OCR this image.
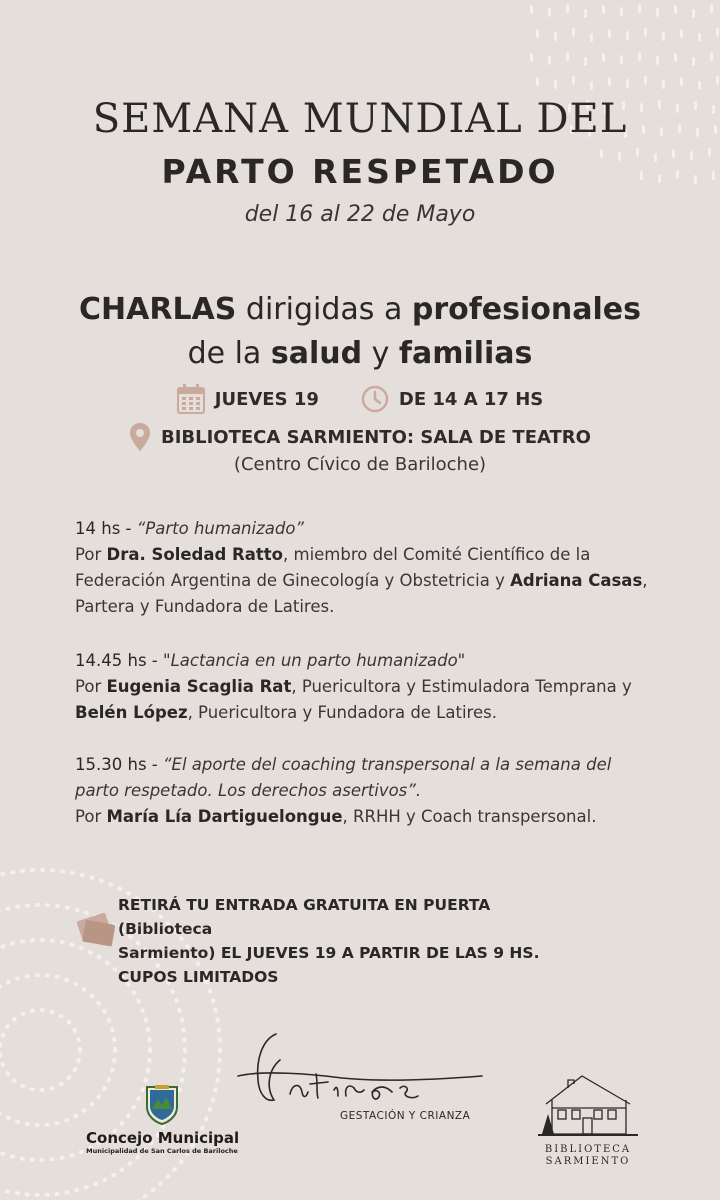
SEMANA MUNDIAL DEL
PARTO RESPETADO
del 16 al 22 de Mayo
CHARLAS dirigidas a profesionales
de la salud y familias
JUEVES 19	DE 14 A 17 HS
BIBLIOTECA SARMIENTO: SALA DE TEATRO
(Centro Cívico de Bariloche)
14 hs - “Parto humanizado”
Por Dra. Soledad Ratto, miembro del Comité Científico de la
Federación Argentina de Ginecología y Obstetricia y Adriana Casas,
Partera y Fundadora de Latires.
14.45 hs - "Lactancia en un parto humanizado"
Por Eugenia Scaglia Rat, Puericultora y Estimuladora Temprana y
Belén López, Puericultora y Fundadora de Latires.
15.30 hs - “El aporte del coaching transpersonal a la semana del
parto respetado. Los derechos asertivos”.
Por María Lía Dartiguelongue, RRHH y Coach transpersonal.
RETIRÁ TU ENTRADA GRATUITA EN PUERTA (Biblioteca
Sarmiento) EL JUEVES 19 A PARTIR DE LAS 9 HS.
CUPOS LIMITADOS
Concejo Municipal
Municipalidad de San Carlos de Bariloche
GESTACIÓN Y CRIANZA
BIBLIOTECA
SARMIENTO
